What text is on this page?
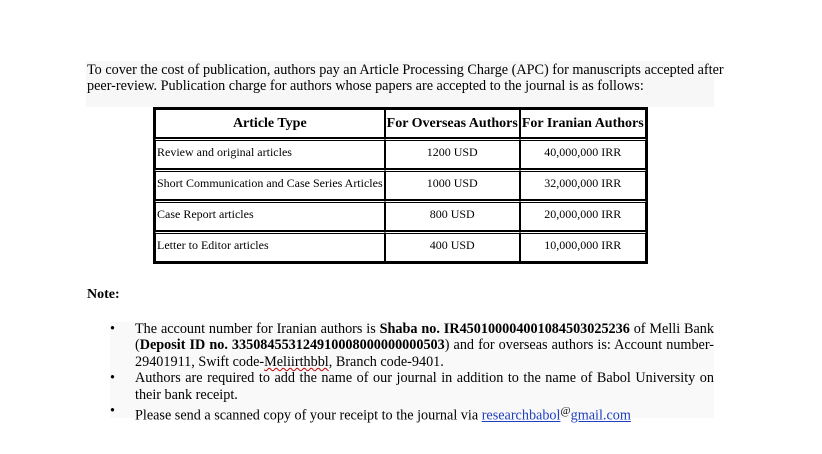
To cover the cost of publication, authors pay an Article Processing Charge (APC) for manuscripts accepted after

peer-review. Publication charge for authors whose papers are accepted to the journal is as follows:

Article Type	For Overseas Authors	For Iranian Authors
Review and original articles	1200 USD	40,000,000 IRR
Short Communication and Case Series Articles	1000 USD	32,000,000 IRR
Case Report articles	800 USD	20,000,000 IRR
Letter to Editor articles	400 USD	10,000,000 IRR
Note:
• The account number for Iranian authors is Shaba no. IR450100004001084503025236 of Melli Bank (Deposit ID no. 335084553124910008000000000503) and for overseas authors is: Account number-29401911, Swift code-Meliirthbbl, Branch code-9401.
• Authors are required to add the name of our journal in addition to the name of Babol University on their bank receipt.
• Please send a scanned copy of your receipt to the journal via researchbabol@gmail.com
